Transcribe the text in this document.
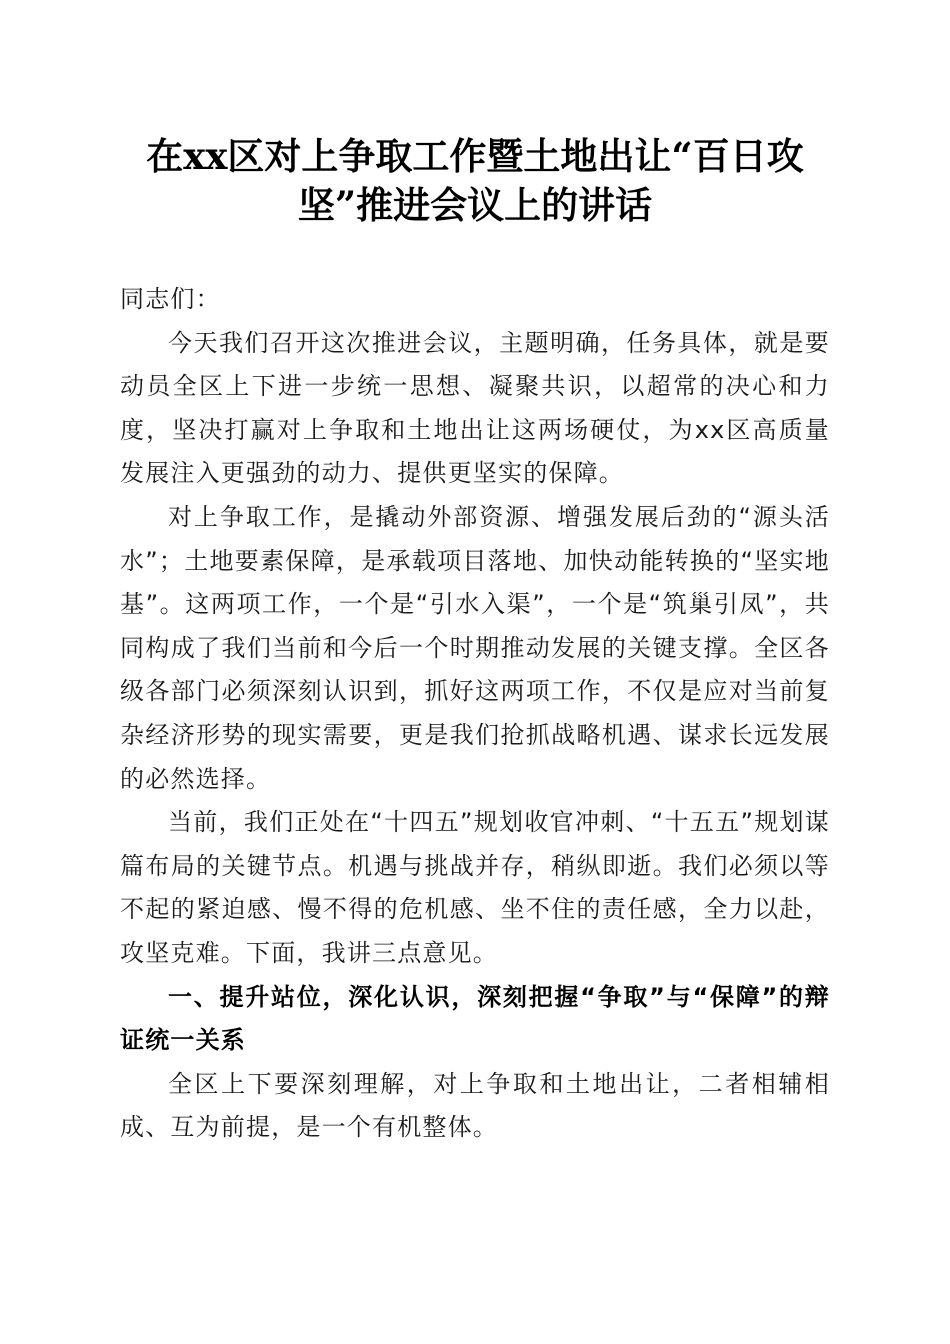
在xx区对上争取工作暨土地出让“百日攻
坚”推进会议上的讲话

同志们：

今天我们召开这次推进会议，主题明确，任务具体，就是要动员全区上下进一步统一思想、凝聚共识，以超常的决心和力度，坚决打赢对上争取和土地出让这两场硬仗，为xx区高质量发展注入更强劲的动力、提供更坚实的保障。

对上争取工作，是撬动外部资源、增强发展后劲的“源头活水”；土地要素保障，是承载项目落地、加快动能转换的“坚实地基”。这两项工作，一个是“引水入渠”，一个是“筑巢引凤”，共同构成了我们当前和今后一个时期推动发展的关键支撑。全区各级各部门必须深刻认识到，抓好这两项工作，不仅是应对当前复杂经济形势的现实需要，更是我们抢抓战略机遇、谋求长远发展的必然选择。

当前，我们正处在“十四五”规划收官冲刺、“十五五”规划谋篇布局的关键节点。机遇与挑战并存，稍纵即逝。我们必须以等不起的紧迫感、慢不得的危机感、坐不住的责任感，全力以赴，攻坚克难。下面，我讲三点意见。

一、提升站位，深化认识，深刻把握“争取”与“保障”的辩证统一关系

全区上下要深刻理解，对上争取和土地出让，二者相辅相成、互为前提，是一个有机整体。
